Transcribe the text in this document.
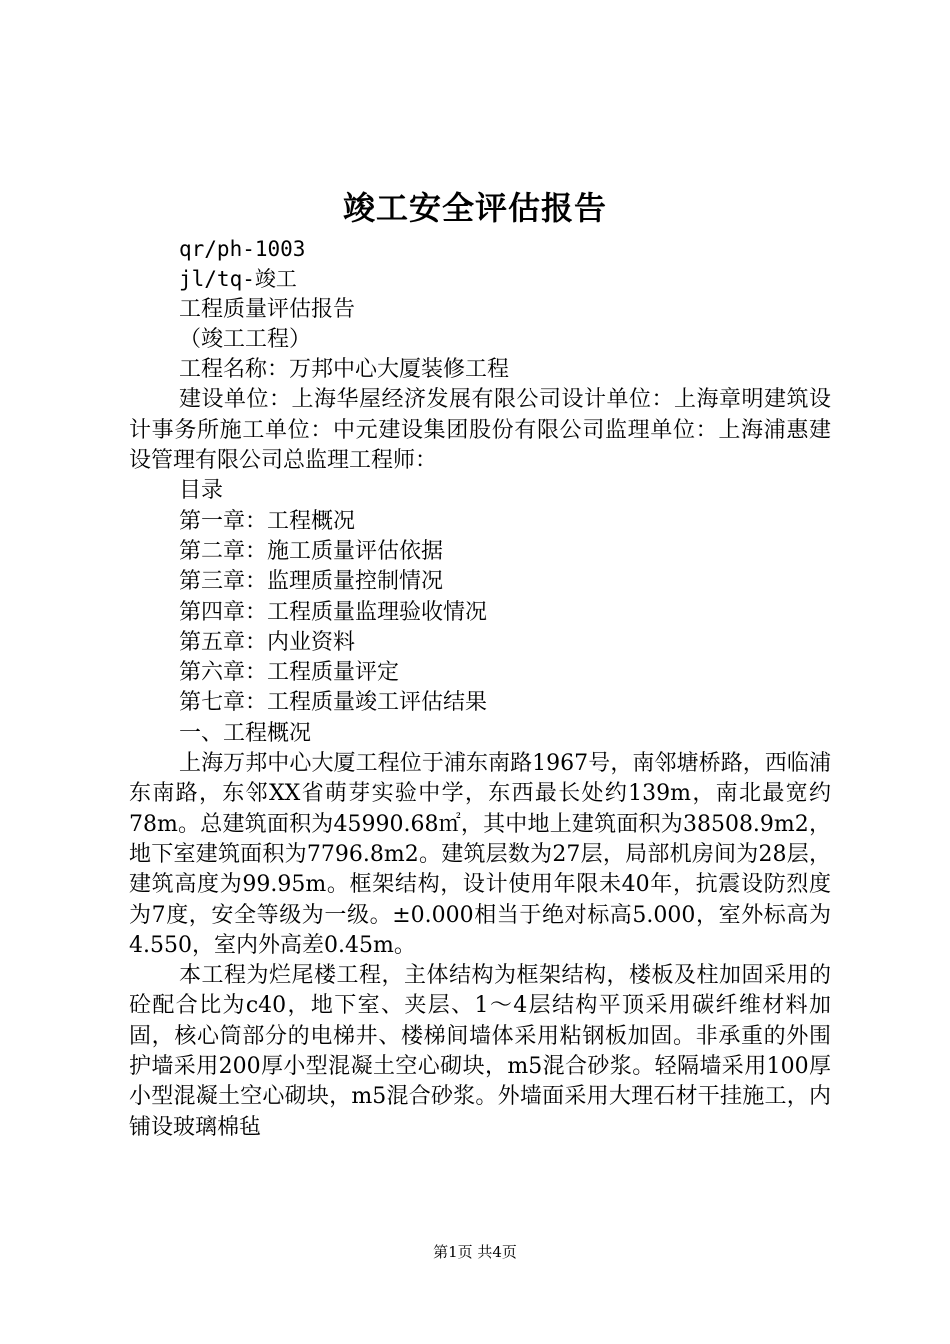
竣工安全评估报告

qr/ph-1003

jl/tq-竣工

工程质量评估报告

（竣工工程）

工程名称：万邦中心大厦装修工程

建设单位：上海华屋经济发展有限公司设计单位：上海章明建筑设计事务所施工单位：中元建设集团股份有限公司监理单位：上海浦惠建设管理有限公司总监理工程师：

目录

第一章：工程概况

第二章：施工质量评估依据

第三章：监理质量控制情况

第四章：工程质量监理验收情况

第五章：内业资料

第六章：工程质量评定

第七章：工程质量竣工评估结果

一、工程概况

上海万邦中心大厦工程位于浦东南路1967号，南邻塘桥路，西临浦东南路，东邻XX省萌芽实验中学，东西最长处约139m，南北最宽约78m。总建筑面积为45990.68㎡，其中地上建筑面积为38508.9m2，地下室建筑面积为7796.8m2。建筑层数为27层，局部机房间为28层，建筑高度为99.95m。框架结构，设计使用年限未40年，抗震设防烈度为7度，安全等级为一级。±0.000相当于绝对标高5.000，室外标高为4.550，室内外高差0.45m。

本工程为烂尾楼工程，主体结构为框架结构，楼板及柱加固采用的砼配合比为c40，地下室、夹层、1～4层结构平顶采用碳纤维材料加固，核心筒部分的电梯井、楼梯间墙体采用粘钢板加固。非承重的外围护墙采用200厚小型混凝土空心砌块，m5混合砂浆。轻隔墙采用100厚小型混凝土空心砌块，m5混合砂浆。外墙面采用大理石材干挂施工，内铺设玻璃棉毡

第1页 共4页
